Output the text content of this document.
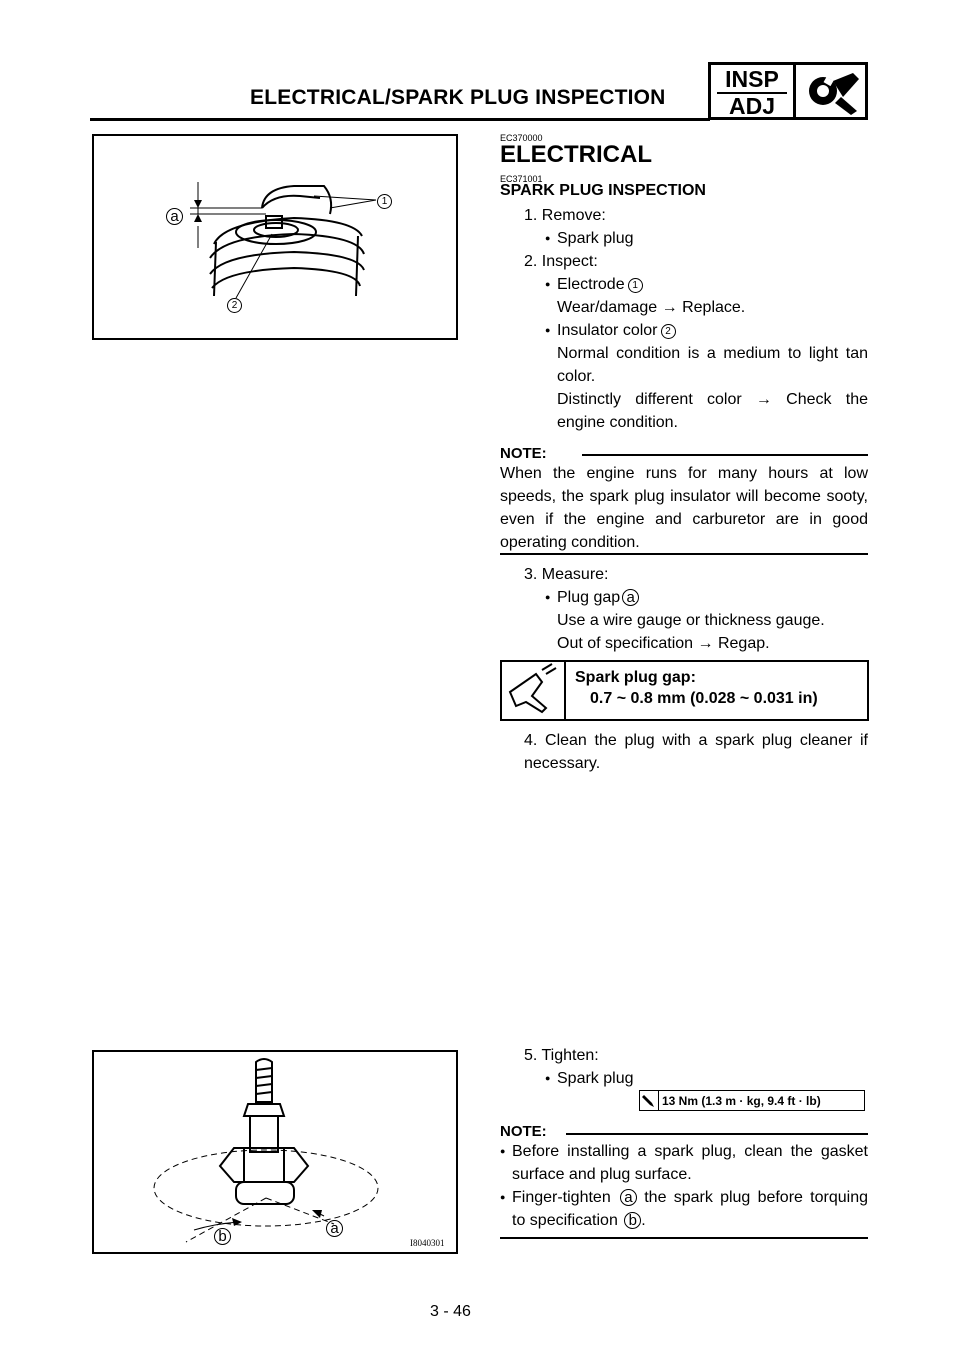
ELECTRICAL/SPARK PLUG INSPECTION
INSP
ADJ
a
1
2
a
b	I8040301
EC370000
ELECTRICAL
EC371001
SPARK PLUG INSPECTION
1. Remove:
● Spark plug
2. Inspect:
● Electrode 1
Wear/damage → Replace.
● Insulator color 2
Normal condition is a medium to light tan color.
Distinctly different color → Check the engine condition.
NOTE:
When the engine runs for many hours at low speeds, the spark plug insulator will become sooty, even if the engine and carburetor are in good operating condition.
3. Measure:
● Plug gap a
Use a wire gauge or thickness gauge.
Out of specification → Regap.
Spark plug gap:
0.7 ~ 0.8 mm (0.028 ~ 0.031 in)
4. Clean the plug with a spark plug cleaner if necessary.
5. Tighten:
● Spark plug
13 Nm (1.3 m · kg, 9.4 ft · lb)
NOTE:
● Before installing a spark plug, clean the gasket surface and plug surface.
● Finger-tighten a the spark plug before torquing to specification b .
3 - 46
